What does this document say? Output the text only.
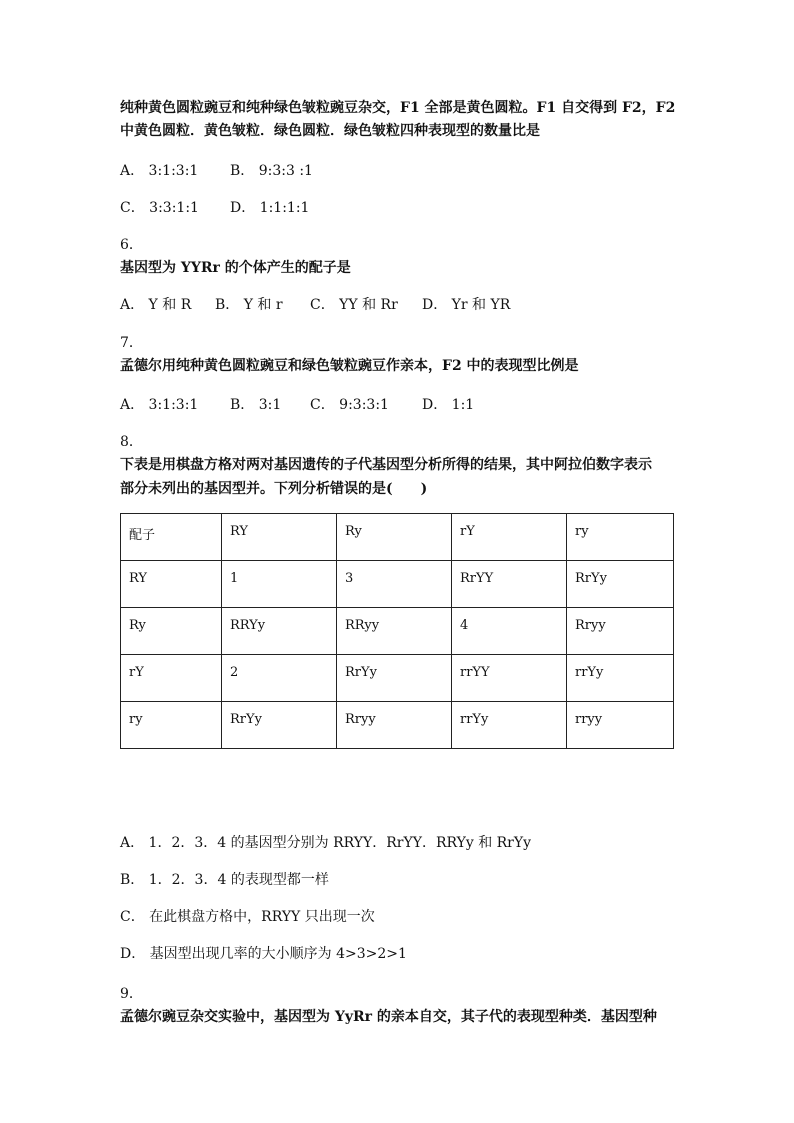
纯种黄色圆粒豌豆和纯种绿色皱粒豌豆杂交，F1 全部是黄色圆粒。F1 自交得到 F2，F2
中黄色圆粒．黄色皱粒．绿色圆粒．绿色皱粒四种表现型的数量比是
A． 3:1:3:1 B． 9:3:3 :1
C． 3:3:1:1 D． 1:1:1:1
6．
基因型为 YYRr 的个体产生的配子是
A． Y 和 R B． Y 和 r C． YY 和 Rr D． Yr 和 YR
7．
孟德尔用纯种黄色圆粒豌豆和绿色皱粒豌豆作亲本，F2 中的表现型比例是
A． 3:1:3:1 B． 3:1 C． 9:3:3:1 D． 1:1
8．
下表是用棋盘方格对两对基因遗传的子代基因型分析所得的结果，其中阿拉伯数字表示
部分未列出的基因型并。下列分析错误的是(　　)
配子	RY	Ry	rY	ry
RY	1	3	RrYY	RrYy
Ry	RRYy	RRyy	4	Rryy
rY	2	RrYy	rrYY	rrYy
ry	RrYy	Rryy	rrYy	rryy
A． 1．2．3．4 的基因型分别为 RRYY．RrYY．RRYy 和 RrYy
B． 1．2．3．4 的表现型都一样
C． 在此棋盘方格中，RRYY 只出现一次
D． 基因型出现几率的大小顺序为 4>3>2>1
9．
孟德尔豌豆杂交实验中，基因型为 YyRr 的亲本自交，其子代的表现型种类．基因型种
